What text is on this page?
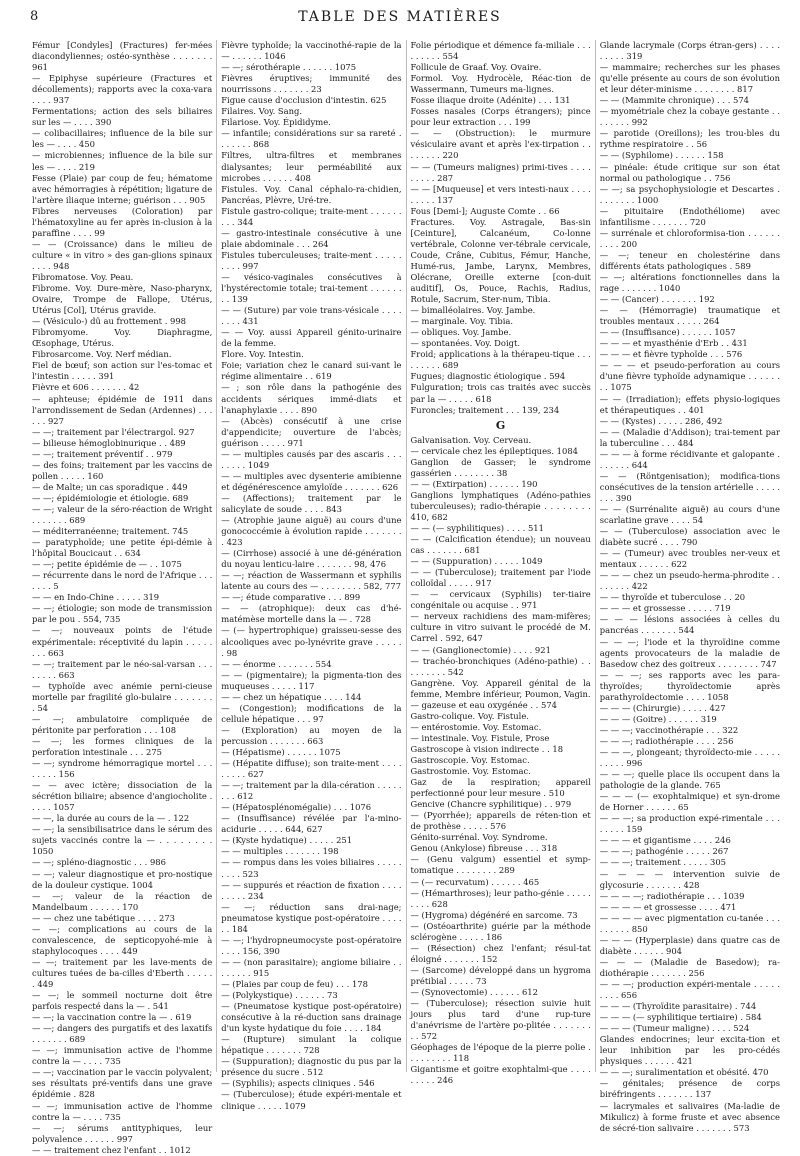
8	TABLE DES MATIÈRES
Fémur [Condyles] (Fractures) fer-mées diacondyliennes; ostéo-synthèse . . . . . . . 961
— Epiphyse supérieure (Fractures et décollements); rapports avec la coxa-vara . . . . 937
Fermentations; action des sels biliaires sur les — . . . . 390
— colibacillaires; influence de la bile sur les — . . . . 450
— microbiennes; influence de la bile sur les — . . . . 219
Fesse (Plaie) par coup de feu; hématome avec hémorragies à répétition; ligature de l'artère iliaque interne; guérison . . . 905
Fibres nerveuses (Coloration) par l'hématoxyline au fer après in-clusion à la paraffine . . . . 99
— — (Croissance) dans le milieu de culture « in vitro » des gan-glions spinaux . . . . 948
Fibromatose. Voy. Peau.
Fibrome. Voy. Dure-mère, Naso-pharynx, Ovaire, Trompe de Fallope, Utérus, Utérus [Col], Utérus gravide.
— (Vésiculo-) dû au frottement . 998
Fibromyome. Voy. Diaphragme, Œsophage, Utérus.
Fibrosarcome. Voy. Nerf médian.
Fiel de bœuf; son action sur l'es-tomac et l'intestin . . . . . 391
Fièvre et 606 . . . . . . . 42
— aphteuse; épidémie de 1911 dans l'arrondissement de Sedan (Ardennes) . . . . . . 927
— —; traitement par l'électrargol. 927
— bilieuse hémoglobinurique . . 489
— —; traitement préventif . . 979
— des foins; traitement par les vaccins de pollen . . . . . 160
— de Malte; un cas sporadique . 449
— —; épidémiologie et étiologie. 689
— —; valeur de la séro-réaction de Wright . . . . . . . 689
— méditerranéenne; traitement. 745
— paratyphoïde; une petite épi-démie à l'hôpital Boucicaut . . 634
— —; petite épidémie de — . . 1075
— récurrente dans le nord de l'Afrique . . . . . . . 5
— — en Indo-Chine . . . . . 319
— —; étiologie; son mode de transmission par le pou . 554, 735
— —; nouveaux points de l'étude expérimentale: réceptivité du lapin . . . . . . . . 663
— —; traitement par le néo-sal-varsan . . . . . . . . 663
— typhoïde avec anémie perni-cieuse mortelle par fragilité glo-bulaire . . . . . . . . 54
— —; ambulatoire compliquée de péritonite par perforation . . . 108
— —; les formes cliniques de la perforation intestinale . . . 275
— —; syndrome hémorragique mortel . . . . . . . . 156
— — avec ictère; dissociation de la sécrétion biliaire; absence d'angiocholite . . . . . 1057
— —, la durée au cours de la — . 122
— —; la sensibilisatrice dans le sérum des sujets vaccinés contre la — . . . . . . . . 1050
— —; spléno-diagnostic . . . 986
— —; valeur diagnostique et pro-nostique de la douleur cystique. 1004
— —; valeur de la réaction de Mandelbaum . . . . . . 170
— — chez une tabétique . . . . 273
— —; complications au cours de la convalescence, de septicopyohé-mie à staphylocoques . . . . 449
— —; traitement par les lave-ments de cultures tuées de ba-cilles d'Eberth . . . . . . 449
— —; le sommeil nocturne doit être parfois respecté dans la — . 541
— —; la vaccination contre la — . 619
— —; dangers des purgatifs et des laxatifs . . . . . . . 689
— —; immunisation active de l'homme contre la — . . . . 735
— —; vaccination par le vaccin polyvalent; ses résultats pré-ventifs dans une grave épidémie . 828
— —; immunisation active de l'homme contre la — . . . . 735
— —; sérums antityphiques, leur polyvalence . . . . . . 997
— — traitement chez l'enfant . . 1012
Fièvre typhoïde; la vaccinothé-rapie de la — . . . . . . 1046
— —; sérothérapie . . . . . . 1075
Fièvres éruptives; immunité des nourrissons . . . . . . . 23
Figue cause d'occlusion d'intestin. 625
Filaires. Voy. Sang.
Filariose. Voy. Épididyme.
— infantile; considérations sur sa rareté . . . . . . . 868
Filtres, ultra-filtres et membranes dialysantes; leur perméabilité aux microbes . . . . . . 408
Fistules. Voy. Canal céphalo-ra-chidien, Pancréas, Plèvre, Uré-tre.
Fistule gastro-colique; traite-ment . . . . . . . . . 344
— gastro-intestinale consécutive à une plaie abdominale . . . 264
Fistules tuberculeuses; traite-ment . . . . . . . . . 997
— vésico-vaginales consécutives à l'hystérectomie totale; trai-tement . . . . . . . . 139
— — (Suture) par voie trans-vésicale . . . . . . . . 431
— — Voy. aussi Appareil génito-urinaire de la femme.
Flore. Voy. Intestin.
Foie; variation chez le canard sui-vant le régime alimentaire . . 619
— ; son rôle dans la pathogénie des accidents sériques immé-diats et l'anaphylaxie . . . . 890
— (Abcès) consécutif à une crise d'appendicite; ouverture de l'abcès; guérison . . . . . 971
— — multiples causés par des ascaris . . . . . . . . 1049
— — multiples avec dysenterie amibienne et dégénérescence amyloïde . . . . . . . 626
— (Affections); traitement par le salicylate de soude . . . . 843
— (Atrophie jaune aiguë) au cours d'une gonococcémie à évolution rapide . . . . . . . . 423
— (Cirrhose) associé à une dé-génération du noyau lenticu-laire . . . . . . . 98, 476
— —; réaction de Wassermann et syphilis latente au cours des — . . . . . . . . 582, 777
— —; étude comparative . . . 899
— — (atrophique): deux cas d'hé-matémèse mortelle dans la — . 728
— (— hypertrophique) graisseu-sesse des alcooliques avec po-lynévrite grave . . . . . . 98
— — énorme . . . . . . . 554
— — (pigmentaire); la pigmenta-tion des muqueuses . . . . . 117
— — chez un hépatique . . . . 144
— (Congestion); modifications de la cellule hépatique . . . 97
— (Exploration) au moyen de la percussion . . . . . . . 663
— (Hépatisme) . . . . . . 1075
— (Hépatite diffuse); son traite-ment . . . . . . . . . 627
— —; traitement par la dila-cération . . . . . . . . 612
— (Hépatosplénomégalie) . . . 1076
— (Insuffisance) révélée par l'a-mino-acidurie . . . . . 644, 627
— (Kyste hydatique) . . . . . 251
— — multiples . . . . . . . 198
— — rompus dans les voies biliaires . . . . . . . . . 523
— — suppurés et réaction de fixation . . . . . . . . . 234
— —; réduction sans drai-nage; pneumatose kystique post-opératoire . . . . . . 184
— —; l'hydropneumocyste post-opératoire . . . . 156, 390
— — (non parasitaire); angiome biliaire . . . . . . . . 915
— (Plaies par coup de feu) . . . 178
— (Polykystique) . . . . . . 73
— (Pneumatose kystique post-opératoire) consécutive à la ré-duction sans drainage d'un kyste hydatique du foie . . . . 184
— (Rupture) simulant la colique hépatique . . . . . . . 728
— (Suppuration); diagnostic du pus par la présence du sucre . 512
— (Syphilis); aspects cliniques . 546
— (Tuberculose); étude expéri-mentale et clinique . . . . . 1079
Folie périodique et démence fa-miliale . . . . . . . . . 554
Follicule de Graaf. Voy. Ovaire.
Formol. Voy. Hydrocèle, Réac-tion de Wassermann, Tumeurs ma-lignes.
Fosse iliaque droite (Adénite) . . . 131
Fosses nasales (Corps étrangers); pince pour leur extraction . . . 199
— — (Obstruction): le murmure vésiculaire avant et après l'ex-tirpation . . . . . . . . 220
— — (Tumeurs malignes) primi-tives . . . . . . . . . 287
— — [Muqueuse] et vers intesti-naux . . . . . . . . . 137
Fous [Demi-]; Auguste Comte . . 66
Fractures. Voy. Astragale, Bas-sin [Ceinture], Calcanéum, Co-lonne vertébrale, Colonne ver-tébrale cervicale, Coude, Crâne, Cubitus, Fémur, Hanche, Humé-rus, Jambe, Larynx, Membres, Olécrane, Oreille externe [con-duit auditif], Os, Pouce, Rachis, Radius, Rotule, Sacrum, Ster-num, Tibia.
— bimalléolaires. Voy. Jambe.
— marginale. Voy. Tibia.
— obliques. Voy. Jambe.
— spontanées. Voy. Doigt.
Froid; applications à la thérapeu-tique . . . . . . . . . 689
Fugues; diagnostic étiologique . 594
Fulguration; trois cas traités avec succès par la — . . . . . 618
Furoncles; traitement . . . 139, 234
G
Galvanisation. Voy. Cerveau.
— cervicale chez les épileptiques. 1084
Ganglion de Gasser; le syndrome gassérien . . . . . . . . 38
— — (Extirpation) . . . . . . 190
Ganglions lymphatiques (Adéno-pathies tuberculeuses); radio-thérapie . . . . . . . . 410, 682
— — (— syphilitiques) . . . . 511
— — (Calcification étendue); un nouveau cas . . . . . . . 681
— — (Suppuration) . . . . . 1049
— — (Tuberculose); traitement par l'iode colloïdal . . . . . 917
— — cervicaux (Syphilis) ter-tiaire congénitale ou acquise . . 971
— nerveux rachidiens des mam-mifères; culture in vitro suivant le procédé de M. Carrel . 592, 647
— — (Ganglionectomie) . . . . 921
— trachéo-bronchiques (Adéno-pathie) . . . . . . . . . 542
Gangrène. Voy. Appareil génital de la femme, Membre inférieur, Poumon, Vagin.
— gazeuse et eau oxygénée . . 574
Gastro-colique. Voy. Fistule.
— entérostomie. Voy. Estomac.
— intestinale. Voy. Fistule, Prose
Gastroscope à vision indirecte . . 18
Gastroscopie. Voy. Estomac.
Gastrostomie. Voy. Estomac.
Gaz de la respiration; appareil perfectionné pour leur mesure . 510
Gencive (Chancre syphilitique) . . 979
— (Pyorrhée); appareils de réten-tion et de prothèse . . . . . 576
Génito-surrénal. Voy. Syndrome.
Genou (Ankylose) fibreuse . . . 318
— (Genu valgum) essentiel et symp-tomatique . . . . . . . . 289
— (— recurvatum) . . . . . . 465
— (Hémarthroses); leur patho-génie . . . . . . . . . 628
— (Hygroma) dégénéré en sarcome. 73
— (Ostéoarthrite) guérie par la méthode sclérogène . . . . . 186
— (Résection) chez l'enfant; résul-tat éloigné . . . . . . . 152
— (Sarcome) développé dans un hygroma prétibial . . . . . 73
— (Synovectomie) . . . . . . 612
— (Tuberculose); résection suivie huit jours plus tard d'une rup-ture d'anévrisme de l'artère po-plitée . . . . . . . . . 572
Géophages de l'époque de la pierre polie . . . . . . . . . 118
Gigantisme et goitre exophtalmi-que . . . . . . . . . 246
Glande lacrymale (Corps étran-gers) . . . . . . . . . 319
— mammaire; recherches sur les phases qu'elle présente au cours de son évolution et leur déter-minisme . . . . . . . . 817
— — (Mammite chronique) . . . 574
— myométriale chez la cobaye gestante . . . . . . . . 992
— parotide (Oreillons); les trou-bles du rythme respiratoire . . 56
— — (Syphilome) . . . . . . 158
— pinéale: étude critique sur son état normal ou pathologique . . 756
— —; sa psychophysiologie et Descartes . . . . . . . . 1000
— pituitaire (Endothéliome) avec infantilisme . . . . . . . 720
— surrénale et chloroformisa-tion . . . . . . . . . . 200
— —; teneur en cholestérine dans différents états pathologiques . 589
— —; altérations fonctionnelles dans la rage . . . . . . . 1040
— — (Cancer) . . . . . . . 192
— — (Hémorragie) traumatique et troubles mentaux . . . . . 264
— — (Insuffisance) . . . . . . 1057
— — — et myasthénie d'Erb . . 431
— — — et fièvre typhoïde . . . 576
— — — et pseudo-perforation au cours d'une fièvre typhoïde adynamique . . . . . . . . 1075
— — (Irradiation); effets physio-logiques et thérapeutiques . . 401
— — (Kystes) . . . . . 286, 492
— — (Maladie d'Addison); trai-tement par la tuberculine . . . 484
— — — à forme récidivante et galopante . . . . . . . 644
— — (Röntgenisation); modifica-tions consécutives de la tension artérielle . . . . . . . . 390
— — (Surrénalite aiguë) au cours d'une scarlatine grave . . . . 54
— — (Tuberculose) association avec le diabète sucré . . . . 790
— — (Tumeur) avec troubles ner-veux et mentaux . . . . . . 622
— — — chez un pseudo-herma-phrodite . . . . . . . . 422
— — thyroïde et tuberculose . . 20
— — — et grossesse . . . . . 719
— — — lésions associées à celles du pancréas . . . . . . . 544
— — —; l'iode et la thyroïdine comme agents provocateurs de la maladie de Basedow chez des goitreux . . . . . . . . 747
— — —; ses rapports avec les para-thyroïdes; thyroïdectomie après parathyroïdectomie . . . . 1058
— — — (Chirurgie) . . . . . 427
— — — (Goitre) . . . . . . 319
— — —; vaccinothérapie . . . 322
— — —; radiothérapie . . . . 256
— — —, plongeant; thyroïdecto-mie . . . . . . . . . . 996
— — —; quelle place ils occupent dans la pathologie de la glande. 765
— — — (— exophtalmique) et syn-drome de Horner . . . . . . 65
— — —; sa production expé-rimentale . . . . . . . . 159
— — — et gigantisme . . . . 246
— — —; pathogénie . . . . . 267
— — —; traitement . . . . . 305
— — — — intervention suivie de glycosurie . . . . . . . 428
— — — —; radiothérapie . . . 1039
— — — — et grossesse . . . . 471
— — — — avec pigmentation cu-tanée . . . . . . . . . 850
— — — (Hyperplasie) dans quatre cas de diabète . . . . . . 904
— — — (Maladie de Basedow); ra-diothérapie . . . . . . . 256
— — —; production expéri-mentale . . . . . . . . . 656
— — — (Thyroïdite parasitaire) . 744
— — — (— syphilitique tertiaire) . 584
— — — (Tumeur maligne) . . . . 524
Glandes endocrines; leur excita-tion et leur inhibition par les pro-cédés physiques . . . . . . 421
— — —; suralimentation et obésité. 470
— génitales; présence de corps biréfringents . . . . . . . 137
— lacrymales et salivaires (Ma-ladie de Mikulicz) à forme fruste et avec absence de sécré-tion salivaire . . . . . . . 573
